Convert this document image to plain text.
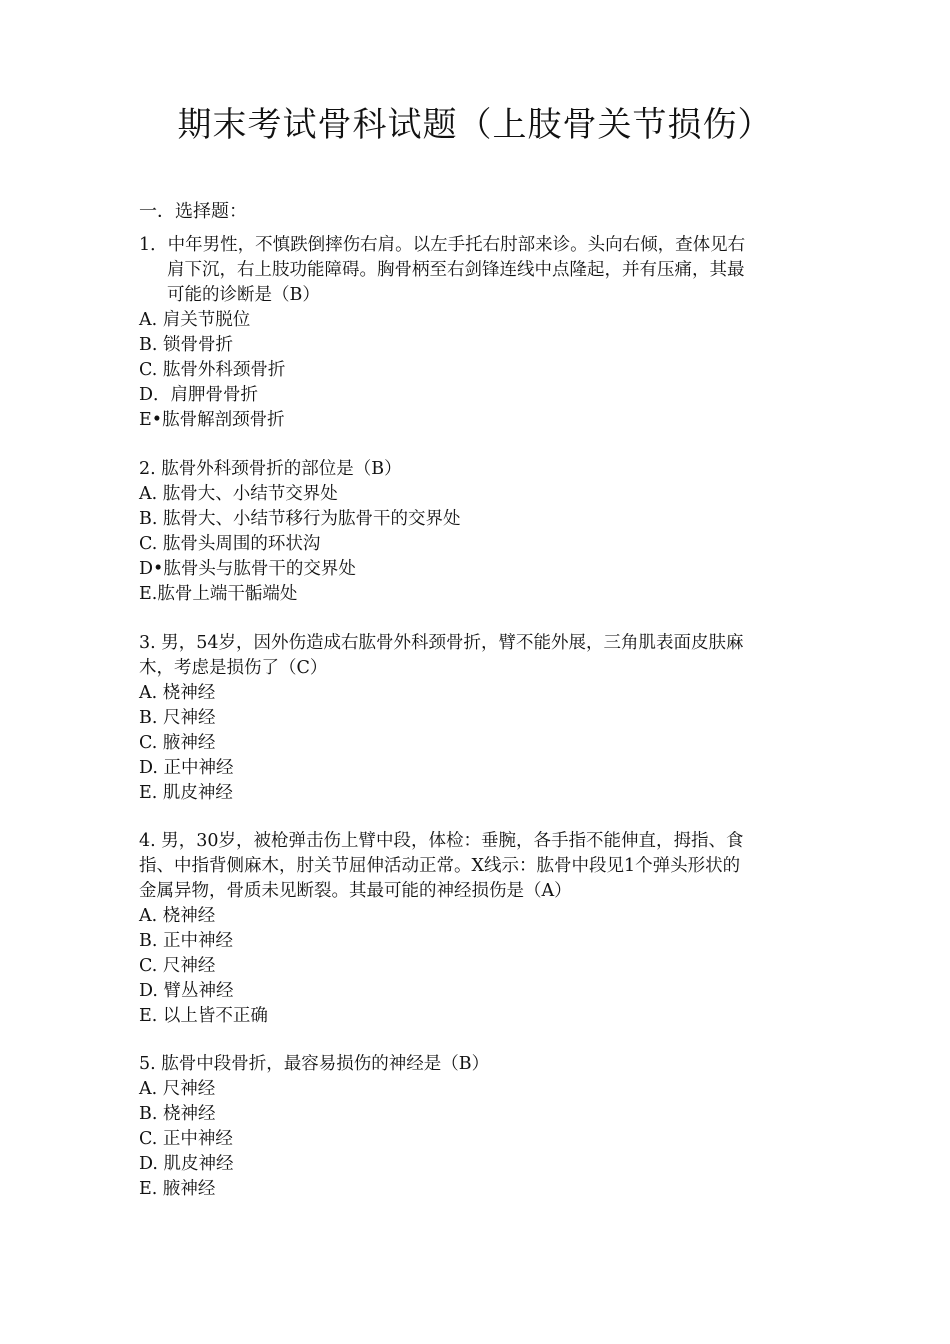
期末考试骨科试题（上肢骨关节损伤）
一．选择题：
1．中年男性，不慎跌倒摔伤右肩。以左手托右肘部来诊。头向右倾，查体见右
肩下沉，右上肢功能障碍。胸骨柄至右剑锋连线中点隆起，并有压痛，其最
可能的诊断是（B）
A. 肩关节脱位
B. 锁骨骨折
C. 肱骨外科颈骨折
D．肩胛骨骨折
E•肱骨解剖颈骨折
2. 肱骨外科颈骨折的部位是（B）
A. 肱骨大、小结节交界处
B. 肱骨大、小结节移行为肱骨干的交界处
C. 肱骨头周围的环状沟
D•肱骨头与肱骨干的交界处
E.肱骨上端干骺端处
3. 男，54岁，因外伤造成右肱骨外科颈骨折，臂不能外展，三角肌表面皮肤麻
木，考虑是损伤了（C）
A. 桡神经
B. 尺神经
C. 腋神经
D. 正中神经
E. 肌皮神经
4. 男，30岁，被枪弹击伤上臂中段，体检：垂腕，各手指不能伸直，拇指、食
指、中指背侧麻木，肘关节屈伸活动正常。X线示：肱骨中段见1个弹头形状的
金属异物，骨质未见断裂。其最可能的神经损伤是（A）
A. 桡神经
B. 正中神经
C. 尺神经
D. 臂丛神经
E. 以上皆不正确
5. 肱骨中段骨折，最容易损伤的神经是（B）
A. 尺神经
B. 桡神经
C. 正中神经
D. 肌皮神经
E. 腋神经
